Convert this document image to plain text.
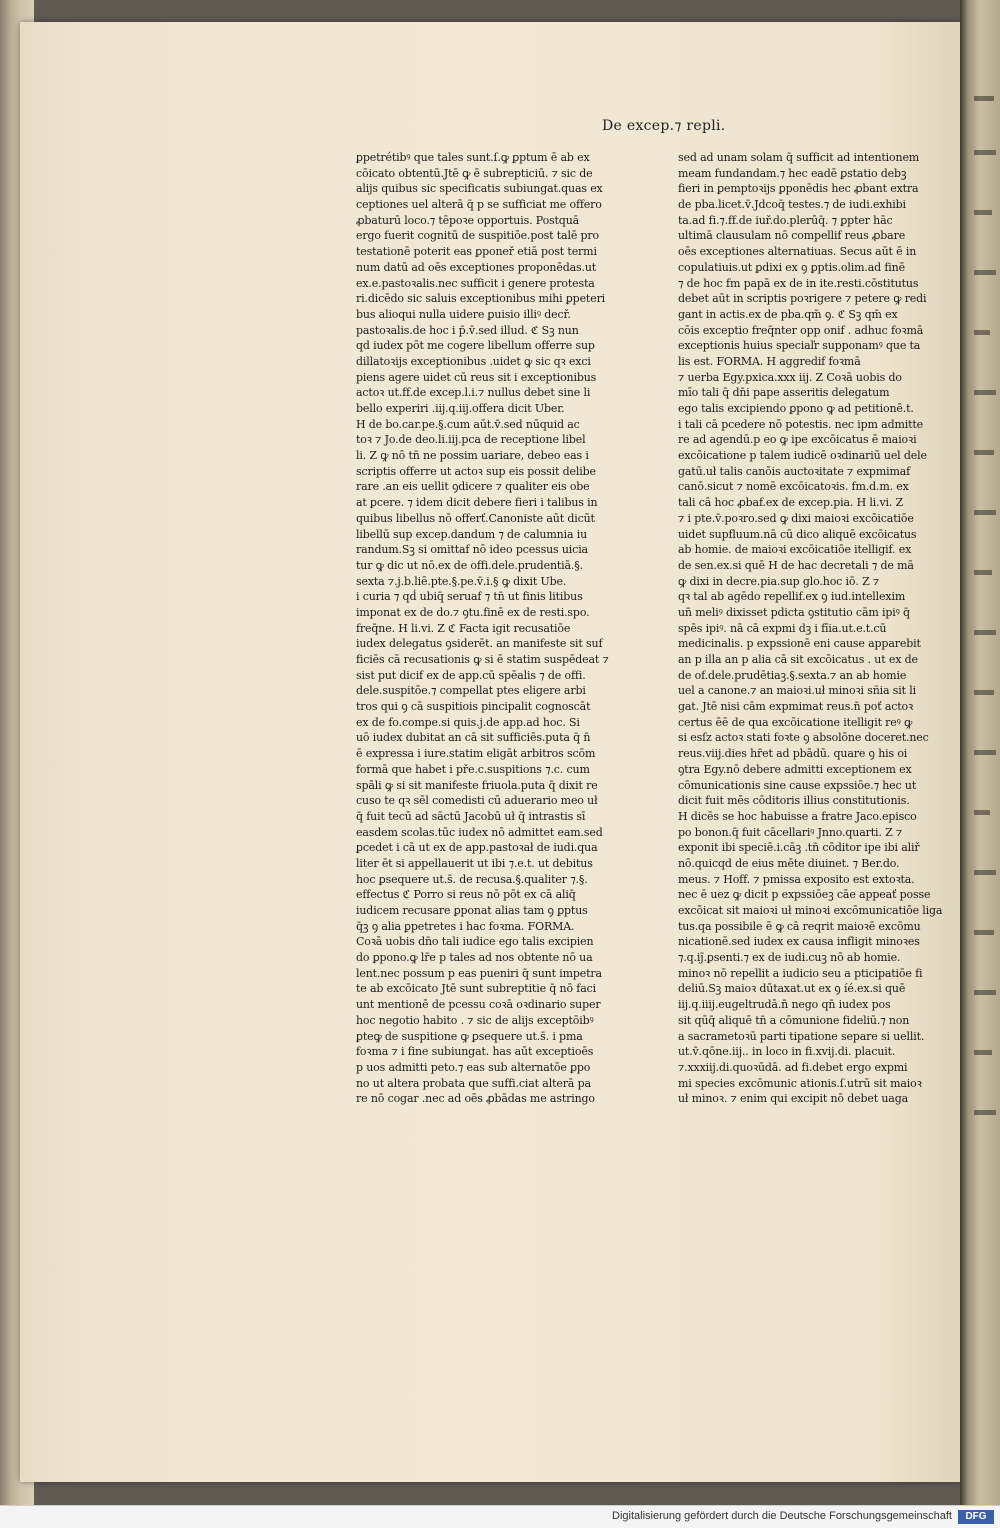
De excep.⁊ repli.
ꝑpetrétibꝰ que tales sunt.ſ.ꝙ ꝑptum ē ab ex
cōicato obtentū.Jtē ꝙ ē subrepticiū. ⁊ sic de
alijs quibus sic specificatis subiungat.quas ex
ceptiones uel alterā q̄ p se sufficiat me offero
ꝓbaturū loco.⁊ tēpoꝛe opportuis. Postquā
ergo fuerit cognitū de suspitiōe.post talē pro
testationē poterit eas ꝑponeř etiā post termi
num datū ad oēs exceptiones proponēdas.ut
ex.e.pastoꝛalis.nec sufficit i genere protesta
ri.dicēdo sic saluis exceptionibus mihi ꝑpeteri
bus alioqui nulla uidere ꝑuisio illiꝰ decř.
pastoꝛalis.de hoc i p̄.v̄.sed illud. ℭ Sꝫ nun
qd iudex pōt me cogere libellum offerre sup
dillatoꝛijs exceptionibus .uidet ꝙ sic qꝛ exci
piens agere uidet cū reus sit i exceptionibus
actoꝛ ut.ff.de excep.l.i.⁊ nullus debet sine li
bello experiri .iij.q.iij.offera dicit Uber.
H de bo.car.pe.§.cum aūt.v̄.sed nūquid ac
toꝛ ⁊ Jo.de deo.li.iij.pca de receptione libel
li. Z ꝙ nō tn̄ ne possim uariare, debeo eas i
scriptis offerre ut actoꝛ sup eis possit delibe
rare .an eis uellit ꝯdicere ⁊ qualiter eis obe
at ꝑcere. ⁊ idem dicit debere fieri i talibus in
quibus libellus nō offerť.Canoniste aūt dicūt
libellū sup excep.dandum ⁊ de calumnia iu
randum.Sꝫ si omittaf nō ideo pcessus uicia
tur ꝙ dic ut nō.ex de offi.dele.prudentiā.§.
sexta ⁊.j.b.liē.pte.§.pe.v̄.i.§ ꝙ dixit Ube.
i curia ⁊ qḋ ubiq̄ seruaf ⁊ tn̄ ut finis litibus
imponat ex de do.⁊ ꝯtu.finē ex de resti.spo.
freq̄ne. H li.vi. Z ℭ Facta igit recusatiōe
iudex delegatus ꝯsiderēt. an manifeste sit suf
ficiēs cā recusationis ꝙ si ē statim suspēdeat ⁊
sist put dicif ex de app.cū spēalis ⁊ de offi.
dele.suspitōe.⁊ compellat ptes eligere arbi
tros qui ꝯ cā suspitiois pincipalit cognoscāt
ex de fo.compe.si quis.j.de app.ad hoc. Si
uō iudex dubitat an cā sit sufficiēs.puta q̄ n̄
ē expressa i iure.statim eligāt arbitros scōm
formā que habet i pře.c.suspitions ⁊.c. cum
spāli ꝙ si sit manifeste friuola.puta q̄ dixit re
cuso te qꝛ sēl comedisti cū aduerario meo uł
q̄ fuit tecū ad sāctū Jacobū uł q̄ intrastis sī
easdem scolas.tūc iudex nō admittet eam.sed
ꝑcedet i cā ut ex de app.pastoꝛał de iudi.qua
liter ēt si appellauerit ut ibi ⁊.e.t. ut debitus
hoc ꝑsequere ut.s̄. de recusa.§.qualiter ⁊.§.
effectus ℭ Porro si reus nō pōt ex cā aliq̄
iudicem recusare ꝑponat alias tam ꝯ ꝑptus
q̄ꝫ ꝯ alia ꝑpetretes i hac foꝛma. FORMA.
Coꝛā uobis dn̄o tali iudice ego talis excipien
do ꝑpono.ꝙ lr̄e p tales ad nos obtente nō ua
lent.nec possum p eas pueniri q̄ sunt impetra
te ab excōicato Jtē sunt subreptitie q̄ nō faci
unt mentionē de pcessu coꝛā oꝛdinario super
hoc negotio habito . ⁊ sic de alijs exceptōibꝰ
ꝑteꝙ de suspitione ꝙ ꝑsequere ut.s̄. i pma
foꝛma ⁊ i fine subiungat. has aūt exceptioēs
p uos admitti peto.⁊ eas sub alternatōe ꝑpo
no ut altera probata que suffi.ciat alterā pa
re nō cogar .nec ad oēs ꝓbādas me astringo
sed ad unam solam q̄ sufficit ad intentionem
meam fundandam.⁊ hec eadē ꝑstatio debꝫ
fieri in ꝑemptoꝛijs ꝑponēdis hec ꝓbant extra
de pba.licet.v̄.Jdcoq̄ testes.⁊ de iudi.exhibi
ta.ad fi.⁊.ff.de iuř.do.plerūq̄. ⁊ ꝑpter hāc
ultimā clausulam nō compellif reus ꝓbare
oēs exceptiones alternatiuas. Secus aūt ē in
copulatiuis.ut ꝑdixi ex ꝯ ꝑptis.olim.ad finē
⁊ de hoc fm papā ex de in ite.resti.cōstitutus
debet aūt in scriptis poꝛrigere ⁊ petere ꝙ redi
gant in actis.ex de pba.qm̄ ꝯ. ℭ Sꝫ qm̄ ex
cōis exceptio freq̄nter opp onif . adhuc foꝛmā
exceptionis huius speciaľr supponamꝰ que ta
lis est. FORMA. H aggredif foꝛmā
⁊ uerba Egy.pxica.xxx iij. Z Coꝛā uobis do
mīo tali q̄ dn̄i pape asseritis delegatum
ego talis excipiendo ꝑpono ꝙ ad petitionē.t.
i tali cā pcedere nō potestis. nec ipm admitte
re ad agendū.p eo ꝙ ipe excōicatus ē maioꝛi
excōicatione p talem iudicē oꝛdinariū uel dele
gatū.uł talis canōis auctoꝛitate ⁊ expmimaf
canō.sicut ⁊ nomē excōicatoꝛis. fm.d.m. ex
tali cā hoc ꝓbaf.ex de excep.pia. H li.vi. Z
⁊ i pte.v̄.poꝛro.sed ꝙ dixi maioꝛi excōicatiōe
uidet supfluum.nā cū dico aliquē excōicatus
ab homie. de maioꝛi excōicatiōe itelligif. ex
de sen.ex.si quē H de hac decretali ⁊ de mā
ꝙ dixi in decre.pia.sup glo.hoc iō. Z ⁊
qꝛ tal ab agēdo repellif.ex ꝯ iud.intellexim
un̄ meliꝰ dixisset pdicta ꝯstitutio cām ipiꝰ q̄
spēs ipiꝰ. nā cā expmi dꝫ i fīia.ut.e.t.cū
medicinalis. p expssionē eni cause apparebit
an p illa an p alia cā sit excōicatus . ut ex de
de of.dele.prudētiaꝫ.§.sexta.⁊ an ab homie
uel a canone.⁊ an maioꝛi.uł minoꝛi sñia sit li
gat. Jtē nisi cām expmimat reus.n̄ poť actoꝛ
certus ēē de qua excōicatione itelligit reꝰ ꝙ
si esſz actoꝛ stati foꝛte ꝯ absolōne doceret.nec
reus.viij.dies hr̄et ad pbādū. quare ꝯ his oi
ꝯtra Egy.nō debere admitti exceptionem ex
cōmunicationis sine cause expssiōe.⁊ hec ut
dicit fuit mēs cōditoris illius constitutionis.
H dicēs se hoc habuisse a fratre Jaco.episco
po bonon.q̄ fuit cācellariꝰ Jnno.quarti. Z ⁊
exponit ibi speciē.i.cāꝫ .tn̄ cōditor ipe ibi aliř
nō.quicqd de eius mēte diuinet. ⁊ Ber.do.
meus. ⁊ Hoff. ⁊ pmissa exposito est extoꝛta.
nec ē uez ꝙ dicit p expssiōeꝫ cāe appeať posse
excōicat sit maioꝛi uł minoꝛi excōmunicatiōe liga
tus.qa possibile ē ꝙ cā reqrit maioꝛē excōmu
nicationē.sed iudex ex causa infligit minoꝛes
⁊.q.ij̄.ꝑsenti.⁊ ex de iudi.cuꝫ nō ab homie.
minoꝛ nō repellit a iudicio seu a pticipatiōe fi
deliū.Sꝫ maioꝛ dūtaxat.ut ex ꝯ íé.ex.si quē
iij.q.iiij.eugeltrudā.n̄ nego qn̄ iudex pos
sit qūq̄ aliquē tn̄ a cōmunione fideliū.⁊ non
a sacrametoꝛū parti tipatione separe si uellit.
ut.v̄.qōne.iij.. in loco in fi.xvij.di. placuit.
⁊.xxxiij.di.quoꝛūdā. ad fi.debet ergo expmi
mi species excōmunic ationis.ſ.utrū sit maioꝛ
uł minoꝛ. ⁊ enim qui excipit nō debet uaga
Digitalisierung gefördert durch die Deutsche Forschungsgemeinschaft	DFG
